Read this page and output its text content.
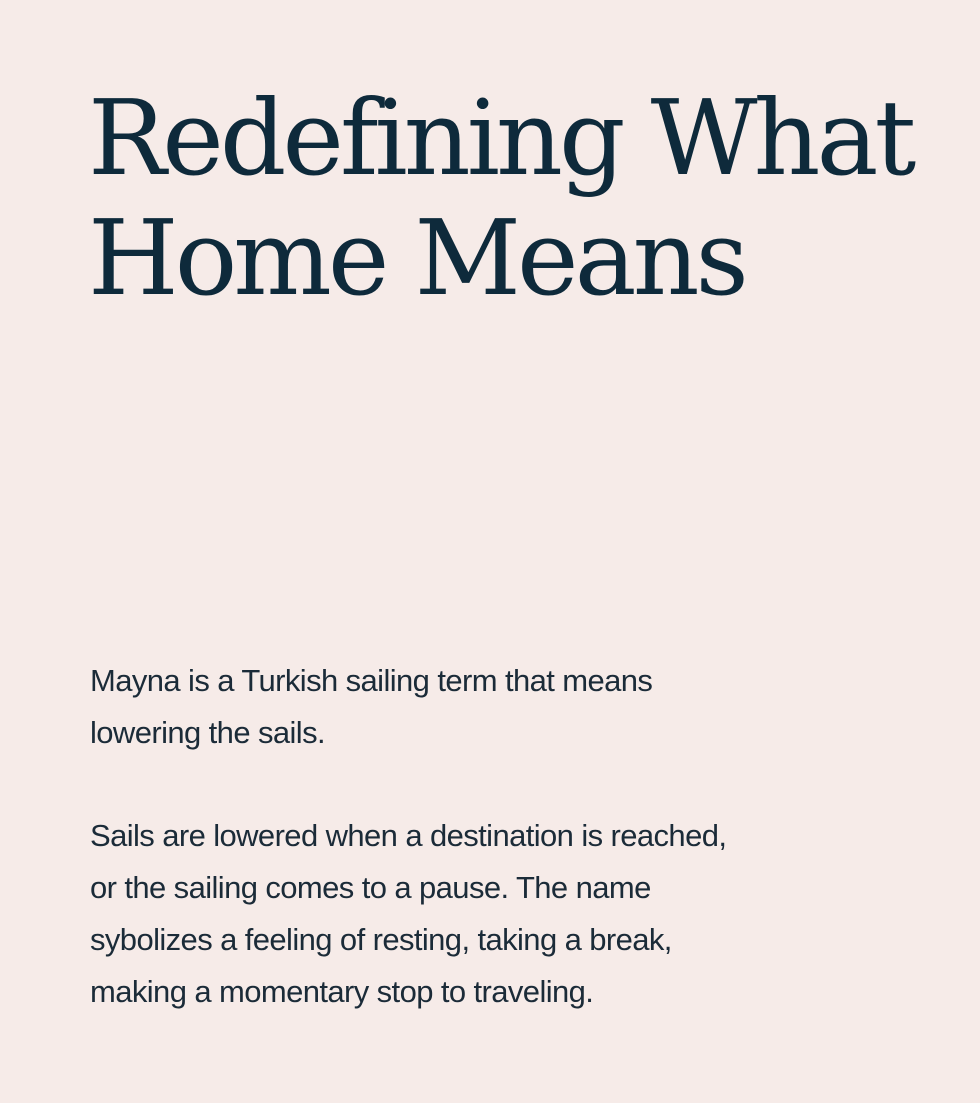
Redefining What
Home Means

Mayna is a Turkish sailing term that means
lowering the sails.

Sails are lowered when a destination is reached,
or the sailing comes to a pause. The name
sybolizes a feeling of resting, taking a break,
making a momentary stop to traveling.
